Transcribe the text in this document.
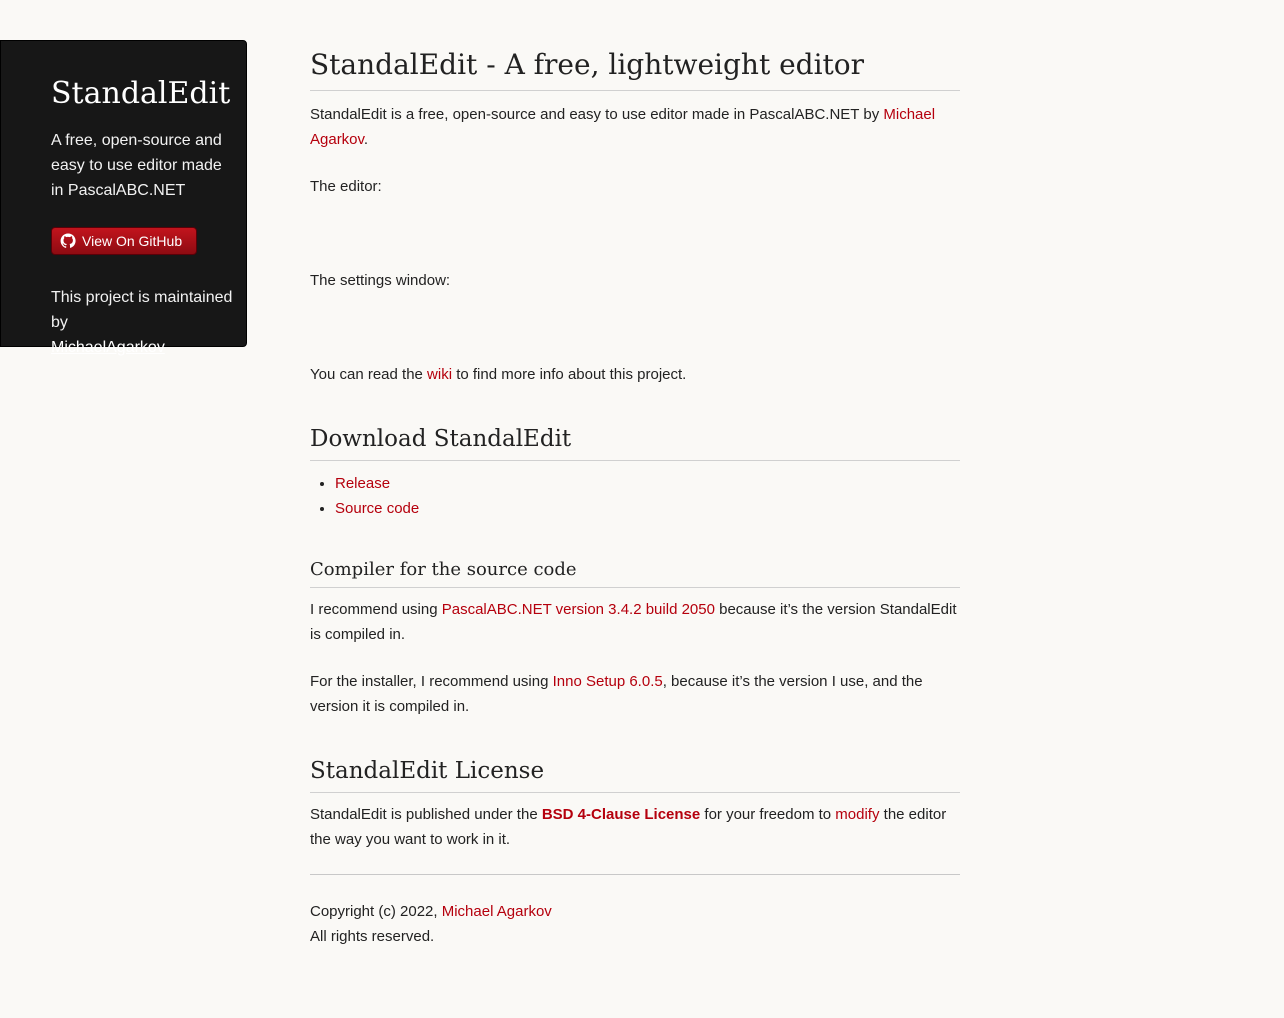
StandalEdit

A free, open-source and easy to use editor made in PascalABC.NET

View On GitHub

This project is maintained by
MichaelAgarkov

StandalEdit - A free, lightweight editor

StandalEdit is a free, open-source and easy to use editor made in PascalABC.NET by Michael Agarkov.

The editor:

The settings window:

You can read the wiki to find more info about this project.

Download StandalEdit
• Release
• Source code
Compiler for the source code

I recommend using PascalABC.NET version 3.4.2 build 2050 because it’s the version StandalEdit is compiled in.

For the installer, I recommend using Inno Setup 6.0.5, because it’s the version I use, and the version it is compiled in.

StandalEdit License

StandalEdit is published under the BSD 4-Clause License for your freedom to modify the editor the way you want to work in it.

Copyright (c) 2022, Michael Agarkov

All rights reserved.
